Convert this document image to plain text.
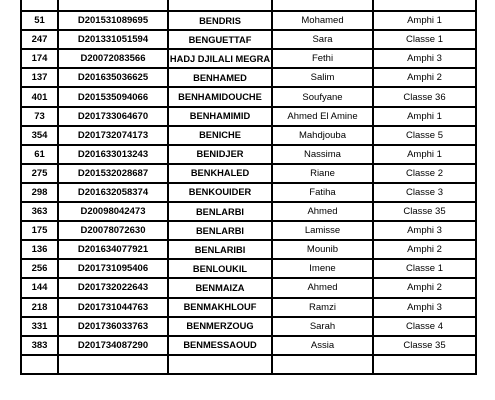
51	D201531089695	BENDRIS	Mohamed	Amphi 1
247	D201331051594	BENGUETTAF	Sara	Classe 1
174	D20072083566	HADJ DJILALI MEGRA	Fethi	Amphi 3
137	D201635036625	BENHAMED	Salim	Amphi 2
401	D201535094066	BENHAMIDOUCHE	Soufyane	Classe 36
73	D201733064670	BENHAMIMID	Ahmed El Amine	Amphi 1
354	D201732074173	BENICHE	Mahdjouba	Classe 5
61	D201633013243	BENIDJER	Nassima	Amphi 1
275	D201532028687	BENKHALED	Riane	Classe 2
298	D201632058374	BENKOUIDER	Fatiha	Classe 3
363	D20098042473	BENLARBI	Ahmed	Classe 35
175	D20078072630	BENLARBI	Lamisse	Amphi 3
136	D201634077921	BENLARIBI	Mounib	Amphi 2
256	D201731095406	BENLOUKIL	Imene	Classe 1
144	D201732022643	BENMAIZA	Ahmed	Amphi 2
218	D201731044763	BENMAKHLOUF	Ramzi	Amphi 3
331	D201736033763	BENMERZOUG	Sarah	Classe 4
383	D201734087290	BENMESSAOUD	Assia	Classe 35
